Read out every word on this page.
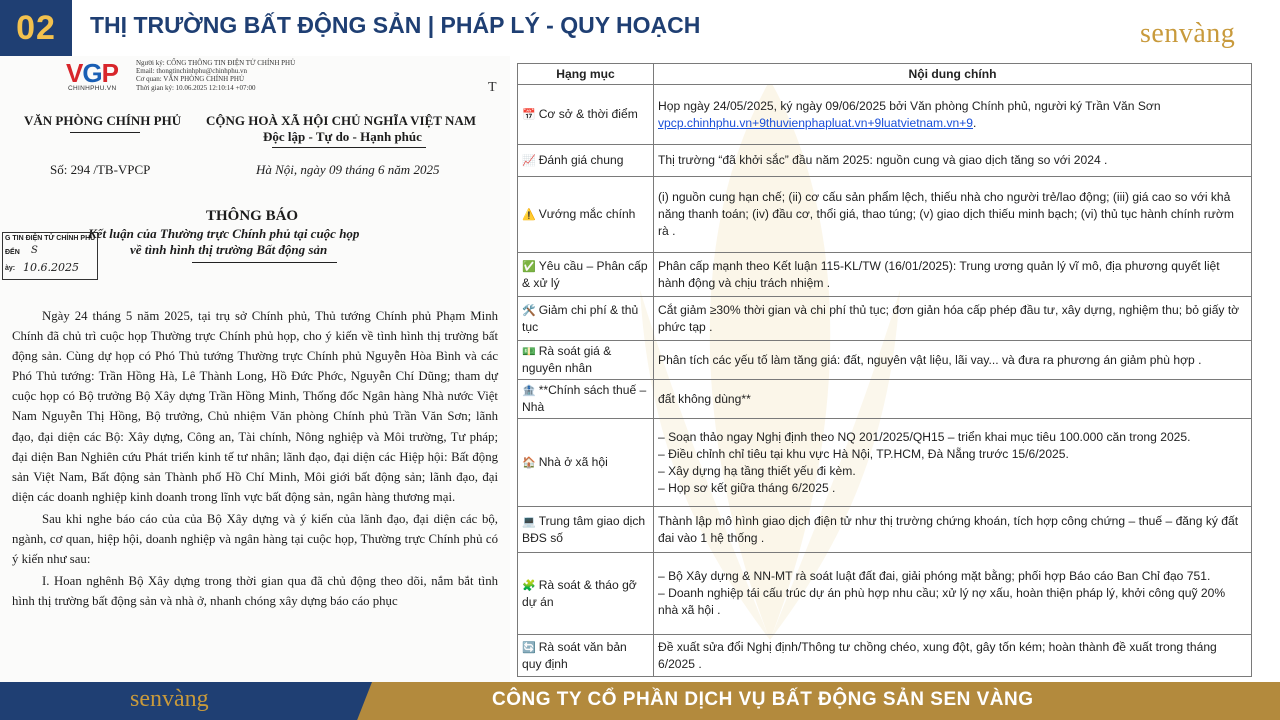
02 THỊ TRƯỜNG BẤT ĐỘNG SẢN | PHÁP LÝ - QUY HOẠCH	senvàng
VGP
CHINHPHU.VN
Người ký: CỔNG THÔNG TIN ĐIỆN TỬ CHÍNH PHỦ
Email: thongtinchinhphu@chinhphu.vn
Cơ quan: VĂN PHÒNG CHÍNH PHỦ
Thời gian ký: 10.06.2025 12:10:14 +07:00	T
VĂN PHÒNG CHÍNH PHỦ CỘNG HOÀ XÃ HỘI CHỦ NGHĨA VIỆT NAM
Độc lập - Tự do - Hạnh phúc
Số: 294 /TB-VPCP	Hà Nội, ngày 09 tháng 6 năm 2025
THÔNG BÁO
Kết luận của Thường trực Chính phủ tại cuộc họp
về tình hình thị trường Bất động sản
G TIN ĐIỆN TỬ CHÍNH PHỦ
ĐẾN S
ày: 10.6.2025

Ngày 24 tháng 5 năm 2025, tại trụ sở Chính phủ, Thủ tướng Chính phủ Phạm Minh Chính đã chủ trì cuộc họp Thường trực Chính phủ họp, cho ý kiến về tình hình thị trường bất động sản. Cùng dự họp có Phó Thủ tướng Thường trực Chính phủ Nguyễn Hòa Bình và các Phó Thủ tướng: Trần Hồng Hà, Lê Thành Long, Hồ Đức Phớc, Nguyễn Chí Dũng; tham dự cuộc họp có Bộ trưởng Bộ Xây dựng Trần Hồng Minh, Thống đốc Ngân hàng Nhà nước Việt Nam Nguyễn Thị Hồng, Bộ trưởng, Chủ nhiệm Văn phòng Chính phủ Trần Văn Sơn; lãnh đạo, đại diện các Bộ: Xây dựng, Công an, Tài chính, Nông nghiệp và Môi trường, Tư pháp; đại diện Ban Nghiên cứu Phát triển kinh tế tư nhân; lãnh đạo, đại diện các Hiệp hội: Bất động sản Việt Nam, Bất động sản Thành phố Hồ Chí Minh, Môi giới bất động sản; lãnh đạo, đại diện các doanh nghiệp kinh doanh trong lĩnh vực bất động sản, ngân hàng thương mại.

Sau khi nghe báo cáo của của Bộ Xây dựng và ý kiến của lãnh đạo, đại diện các bộ, ngành, cơ quan, hiệp hội, doanh nghiệp và ngân hàng tại cuộc họp, Thường trực Chính phủ có ý kiến như sau:

I. Hoan nghênh Bộ Xây dựng trong thời gian qua đã chủ động theo dõi, nắm bắt tình hình thị trường bất động sản và nhà ở, nhanh chóng xây dựng báo cáo phục

Hạng mục	Nội dung chính
📅 Cơ sở & thời điểm	Họp ngày 24/05/2025, ký ngày 09/06/2025 bởi Văn phòng Chính phủ, người ký Trần Văn Sơn vpcp.chinhphu.vn+9thuvienphapluat.vn+9luatvietnam.vn+9.
📈 Đánh giá chung	Thị trường “đã khởi sắc” đầu năm 2025: nguồn cung và giao dịch tăng so với 2024 .
⚠️ Vướng mắc chính	(i) nguồn cung hạn chế; (ii) cơ cấu sản phẩm lệch, thiếu nhà cho người trẻ/lao động; (iii) giá cao so với khả năng thanh toán; (iv) đầu cơ, thổi giá, thao túng; (v) giao dịch thiếu minh bạch; (vi) thủ tục hành chính rườm rà .
✅ Yêu cầu – Phân cấp & xử lý	Phân cấp mạnh theo Kết luận 115-KL/TW (16/01/2025): Trung ương quản lý vĩ mô, địa phương quyết liệt hành động và chịu trách nhiệm .
🛠️ Giảm chi phí & thủ tục	Cắt giảm ≥30% thời gian và chi phí thủ tục; đơn giản hóa cấp phép đầu tư, xây dựng, nghiệm thu; bỏ giấy tờ phức tạp .
💵 Rà soát giá & nguyên nhân	Phân tích các yếu tố làm tăng giá: đất, nguyên vật liệu, lãi vay... và đưa ra phương án giảm phù hợp .
🏦 **Chính sách thuế – Nhà	đất không dùng**
🏠 Nhà ở xã hội	– Soạn thảo ngay Nghị định theo NQ 201/2025/QH15 – triển khai mục tiêu 100.000 căn trong 2025.
– Điều chỉnh chỉ tiêu tại khu vực Hà Nội, TP.HCM, Đà Nẵng trước 15/6/2025.
– Xây dựng hạ tầng thiết yếu đi kèm.
– Họp sơ kết giữa tháng 6/2025 .

💻 Trung tâm giao dịch BĐS số	Thành lập mô hình giao dịch điện tử như thị trường chứng khoán, tích hợp công chứng – thuế – đăng ký đất đai vào 1 hệ thống .
🧩 Rà soát & tháo gỡ dự án	– Bộ Xây dựng & NN-MT rà soát luật đất đai, giải phóng mặt bằng; phối hợp Báo cáo Ban Chỉ đạo 751.
– Doanh nghiệp tái cấu trúc dự án phù hợp nhu cầu; xử lý nợ xấu, hoàn thiện pháp lý, khởi công quỹ 20% nhà xã hội .

🔄 Rà soát văn bản quy định	Đề xuất sửa đổi Nghị định/Thông tư chồng chéo, xung đột, gây tốn kém; hoàn thành đề xuất trong tháng 6/2025 .
senvàng	CÔNG TY CỔ PHẦN DỊCH VỤ BẤT ĐỘNG SẢN SEN VÀNG
